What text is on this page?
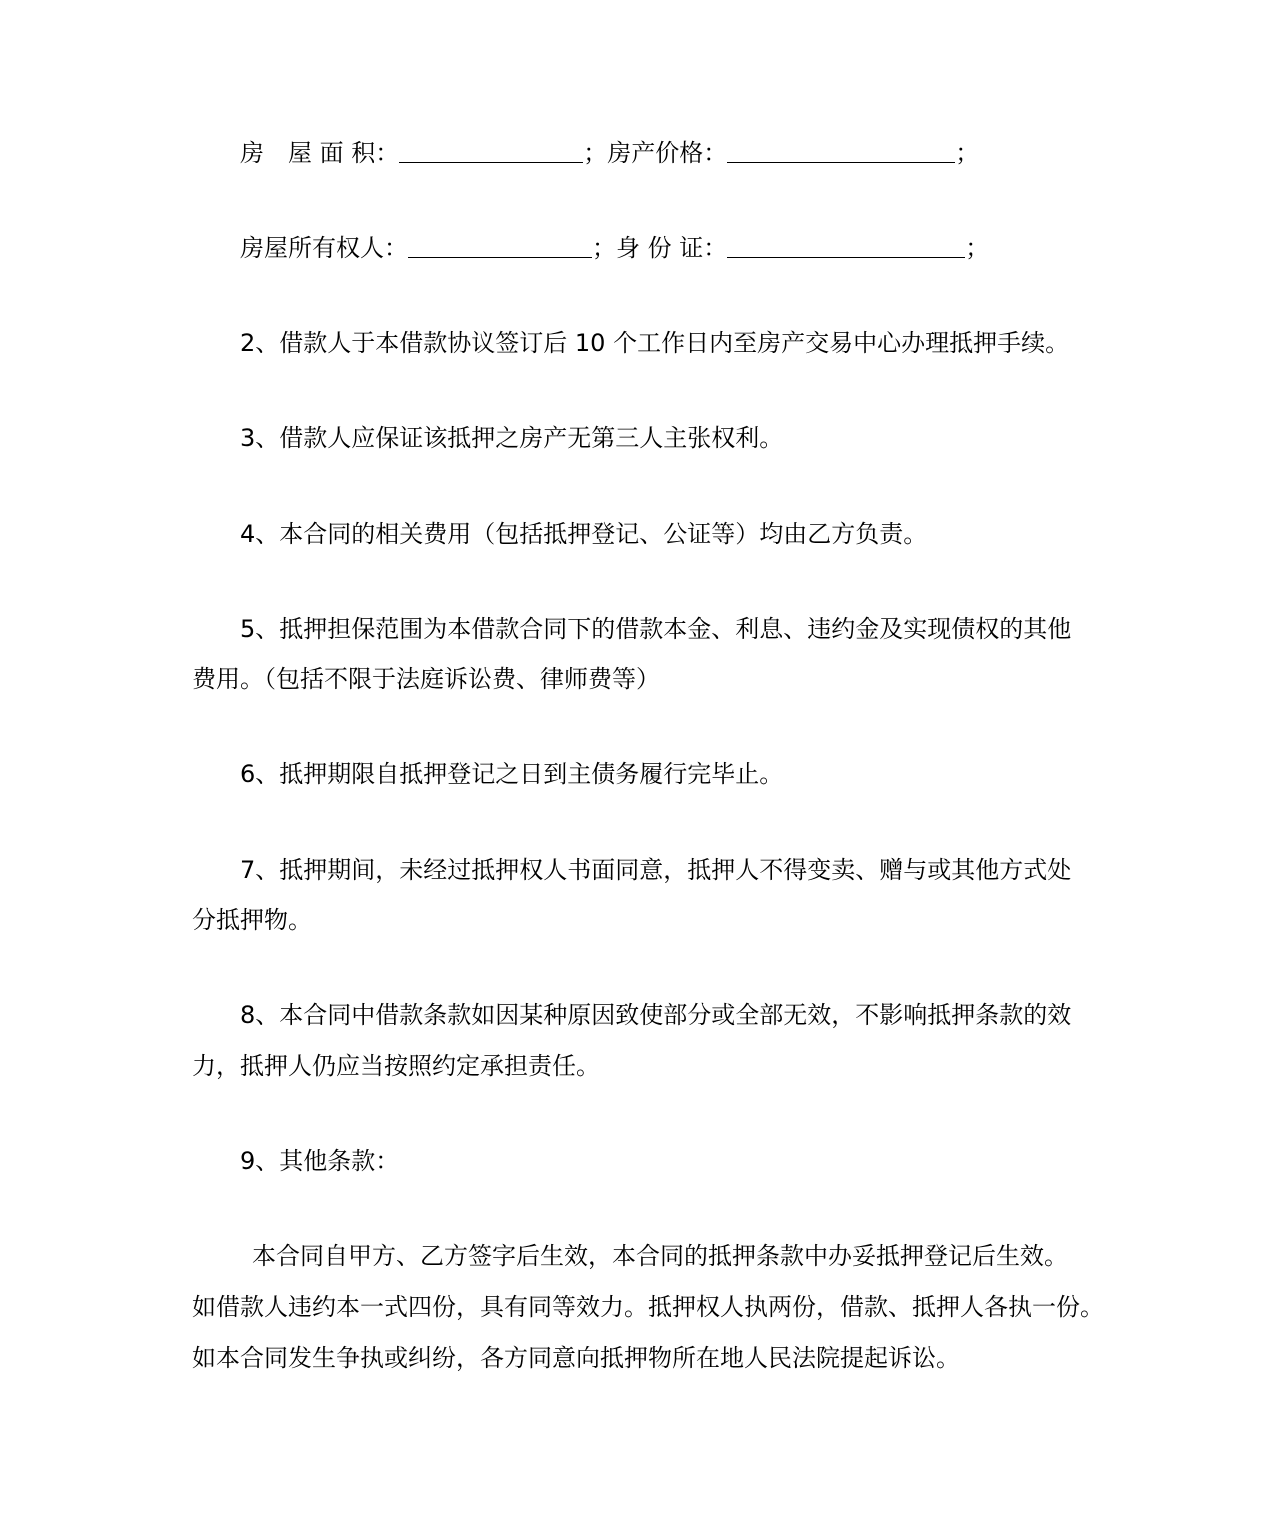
房　屋 面 积：	；房产价格：	；
房屋所有权人：	；身 份 证：	；
2、借款人于本借款协议签订后 10 个工作日内至房产交易中心办理抵押手续。
3、借款人应保证该抵押之房产无第三人主张权利。
4、本合同的相关费用（包括抵押登记、公证等）均由乙方负责。
5、抵押担保范围为本借款合同下的借款本金、利息、违约金及实现债权的其他
费用。（包括不限于法庭诉讼费、律师费等）
6、抵押期限自抵押登记之日到主债务履行完毕止。
7、抵押期间，未经过抵押权人书面同意，抵押人不得变卖、赠与或其他方式处
分抵押物。
8、本合同中借款条款如因某种原因致使部分或全部无效，不影响抵押条款的效
力，抵押人仍应当按照约定承担责任。
9、其他条款：
本合同自甲方、乙方签字后生效，本合同的抵押条款中办妥抵押登记后生效。
如借款人违约本一式四份，具有同等效力。抵押权人执两份，借款、抵押人各执一份。
如本合同发生争执或纠纷，各方同意向抵押物所在地人民法院提起诉讼。
